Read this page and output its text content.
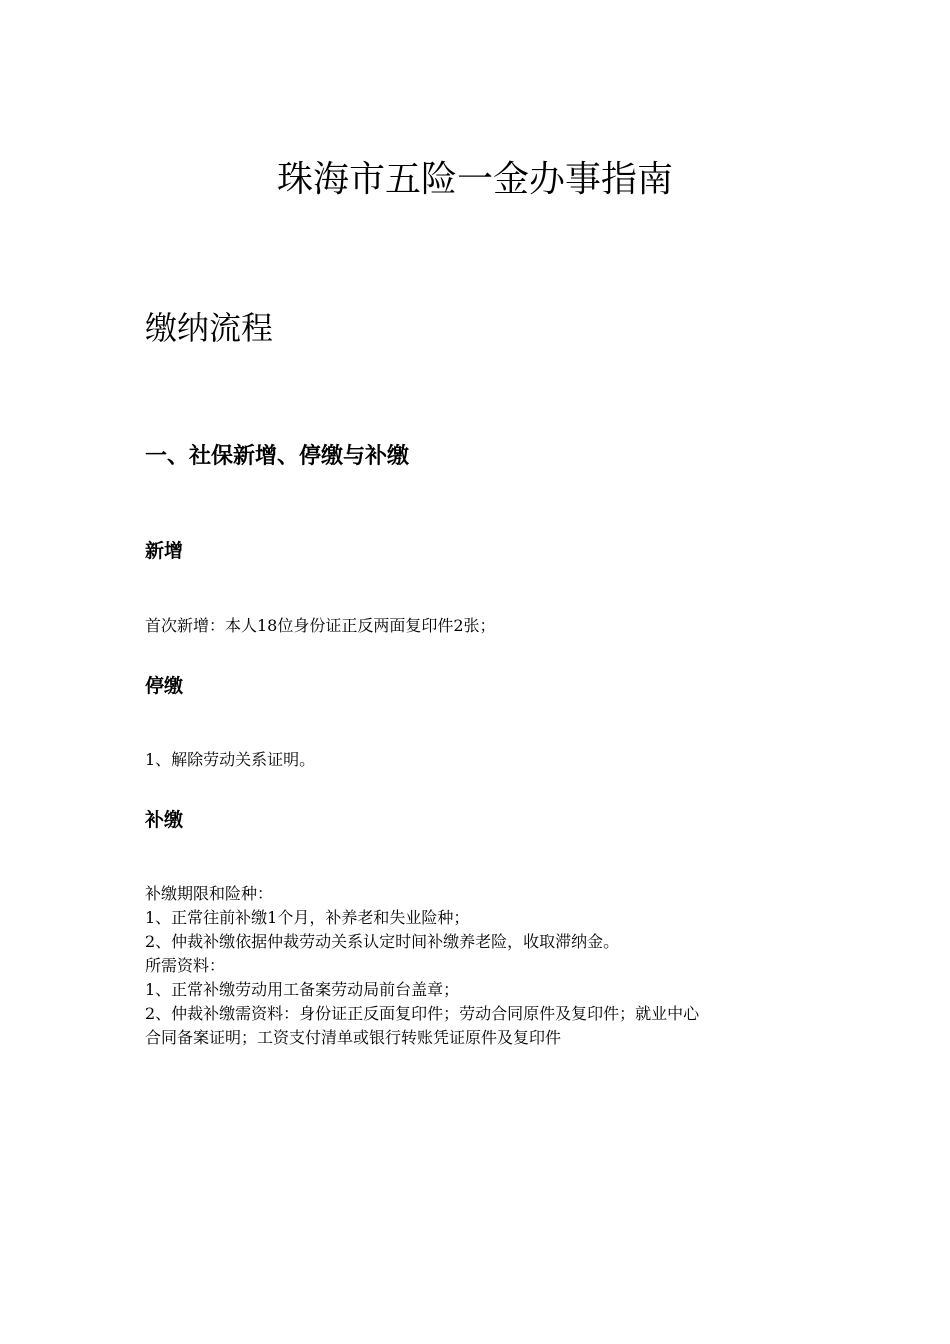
珠海市五险一金办事指南
缴纳流程
一、社保新增、停缴与补缴
新增

首次新增：本人18位身份证正反两面复印件2张；

停缴

1、解除劳动关系证明。

补缴
补缴期限和险种：
1、正常往前补缴1个月，补养老和失业险种；
2、仲裁补缴依据仲裁劳动关系认定时间补缴养老险，收取滞纳金。
所需资料：
1、正常补缴劳动用工备案劳动局前台盖章；
2、仲裁补缴需资料：身份证正反面复印件；劳动合同原件及复印件；就业中心
合同备案证明；工资支付清单或银行转账凭证原件及复印件
